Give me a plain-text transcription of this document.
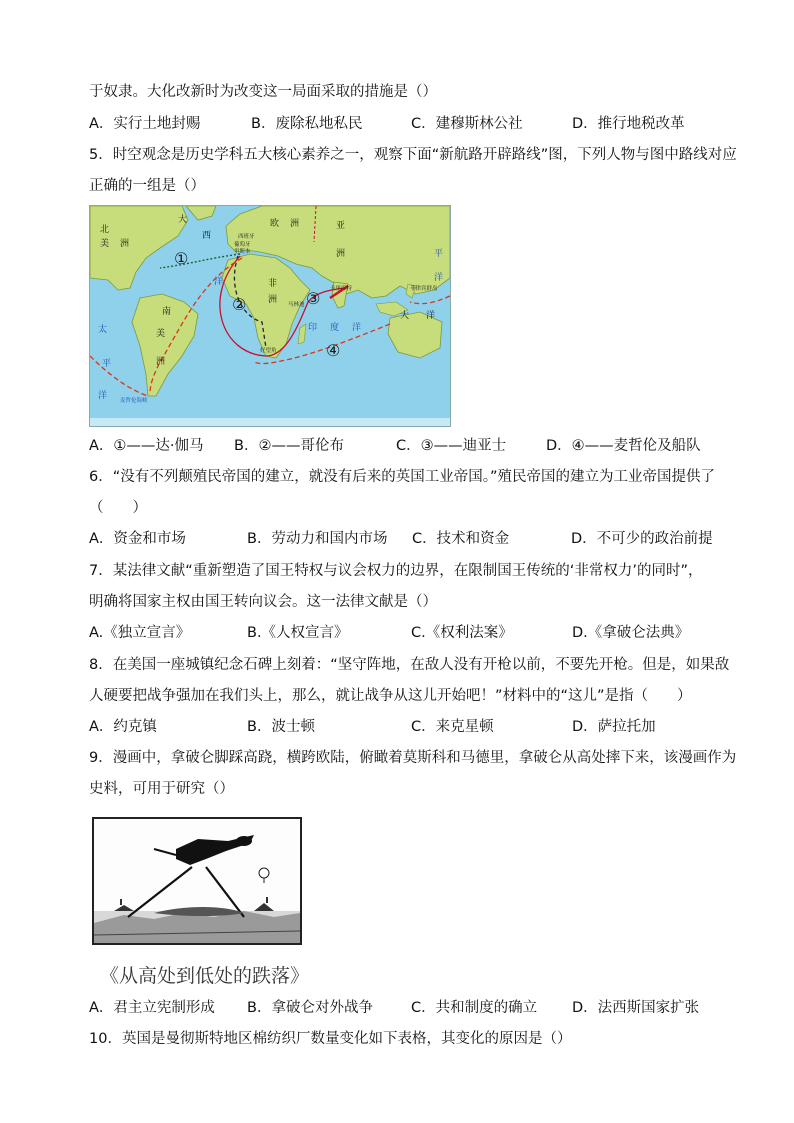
于奴隶。大化改新时为改变这一局面采取的措施是（）
A．实行土地封赐	B．废除私地私民	C．建穆斯林公社	D．推行地税改革
5．时空观念是历史学科五大核心素养之一，观察下面“新航路开辟路线”图，下列人物与图中路线对应
正确的一组是（）
北
美 洲
大
西
洋
欧 洲	亚
洲
非
洲
南
美
洲
印 度 洋
太
平
洋
平
洋
大 洋
西班牙
葡萄牙
里斯本
马林迪
卡里库特	菲律宾群岛
好望角
麦哲伦海峡
①
②	③
④
A．①——达·伽马 B．②——哥伦布	C．③——迪亚士	D．④——麦哲伦及船队
6．“没有不列颠殖民帝国的建立，就没有后来的英国工业帝国。”殖民帝国的建立为工业帝国提供了
（　　）
A．资金和市场	B．劳动力和国内市场 C．技术和资金	D．不可少的政治前提
7．某法律文献“重新塑造了国王特权与议会权力的边界，在限制国王传统的‘非常权力’的同时”，
明确将国家主权由国王转向议会。这一法律文献是（）
A.《独立宣言》	B.《人权宣言》	C.《权利法案》	D.《拿破仑法典》
8．在美国一座城镇纪念石碑上刻着：“坚守阵地，在敌人没有开枪以前，不要先开枪。但是，如果敌
人硬要把战争强加在我们头上，那么，就让战争从这儿开始吧！”材料中的“这儿”是指（　　）
A．约克镇	B．波士顿	C．来克星顿	D．萨拉托加
9．漫画中，拿破仑脚踩高跷，横跨欧陆，俯瞰着莫斯科和马德里，拿破仑从高处摔下来，该漫画作为
史料，可用于研究（）
《从高处到低处的跌落》
A．君主立宪制形成 B．拿破仑对外战争	C．共和制度的确立 D．法西斯国家扩张
10．英国是曼彻斯特地区棉纺织厂数量变化如下表格，其变化的原因是（）
